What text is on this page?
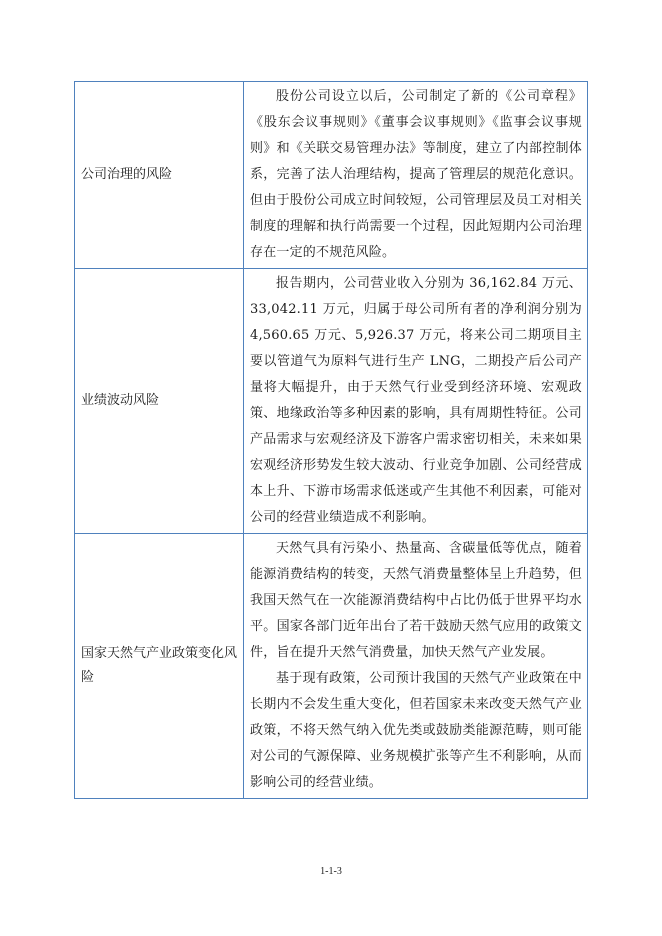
公司治理的风险	股份公司设立以后，公司制定了新的《公司章程》《股东会议事规则》《董事会议事规则》《监事会议事规则》和《关联交易管理办法》等制度，建立了内部控制体系，完善了法人治理结构，提高了管理层的规范化意识。但由于股份公司成立时间较短，公司管理层及员工对相关制度的理解和执行尚需要一个过程，因此短期内公司治理存在一定的不规范风险。

业绩波动风险	报告期内，公司营业收入分别为 36,162.84 万元、33,042.11 万元，归属于母公司所有者的净利润分别为 4,560.65 万元、5,926.37 万元，将来公司二期项目主要以管道气为原料气进行生产 LNG，二期投产后公司产量将大幅提升，由于天然气行业受到经济环境、宏观政策、地缘政治等多种因素的影响，具有周期性特征。公司产品需求与宏观经济及下游客户需求密切相关，未来如果宏观经济形势发生较大波动、行业竞争加剧、公司经营成本上升、下游市场需求低迷或产生其他不利因素，可能对公司的经营业绩造成不利影响。

国家天然气产业政策变化风险	天然气具有污染小、热量高、含碳量低等优点，随着能源消费结构的转变，天然气消费量整体呈上升趋势，但我国天然气在一次能源消费结构中占比仍低于世界平均水平。国家各部门近年出台了若干鼓励天然气应用的政策文件，旨在提升天然气消费量，加快天然气产业发展。

基于现有政策，公司预计我国的天然气产业政策在中长期内不会发生重大变化，但若国家未来改变天然气产业政策，不将天然气纳入优先类或鼓励类能源范畴，则可能对公司的气源保障、业务规模扩张等产生不利影响，从而影响公司的经营业绩。

1-1-3
